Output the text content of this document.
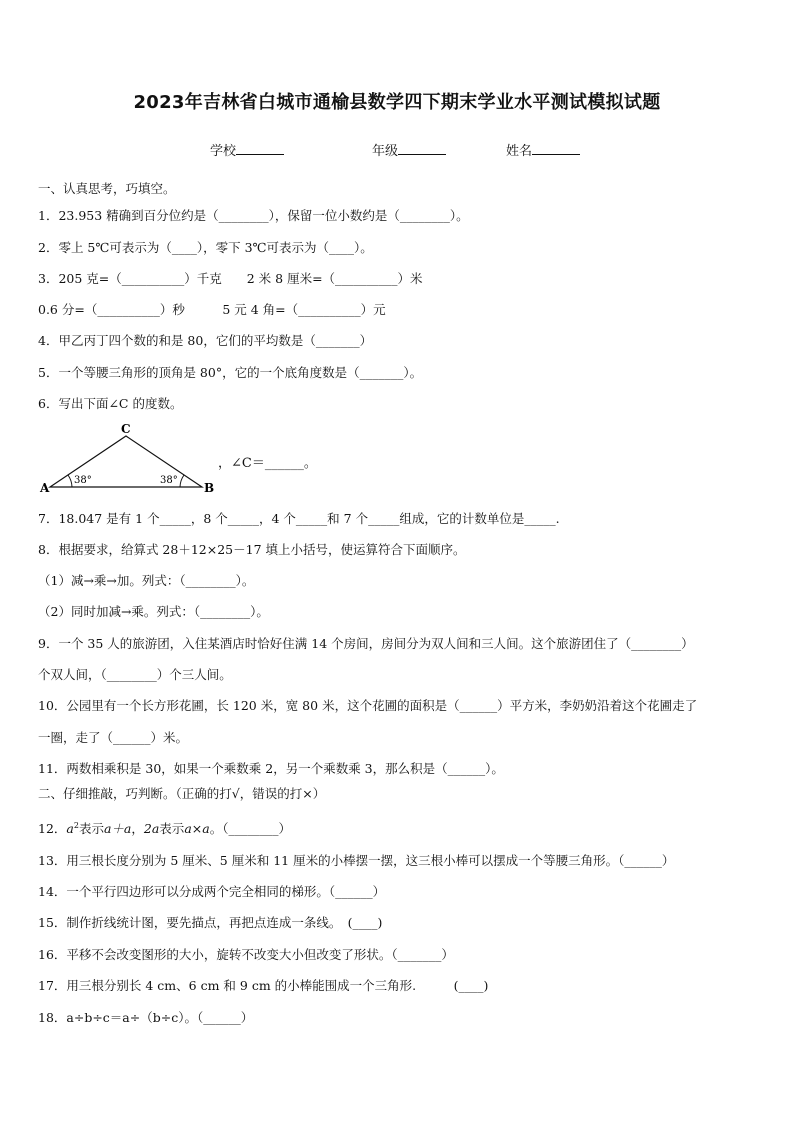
2023年吉林省白城市通榆县数学四下期末学业水平测试模拟试题
学校	年级	姓名
一、认真思考，巧填空。
1．23.953 精确到百分位约是（________），保留一位小数约是（________）。
2．零上 5℃可表示为（____），零下 3℃可表示为（____）。
3．205 克=（__________）千克　　2 米 8 厘米=（__________）米
0.6 分=（__________）秒　　　5 元 4 角=（__________）元
4．甲乙丙丁四个数的和是 80，它们的平均数是（_______）
5．一个等腰三角形的顶角是 80°，它的一个底角度数是（_______）。
6．写出下面∠C 的度数。
A	B
C
38°	38°
，∠C＝______。
7．18.047 是有 1 个_____，8 个_____，4 个_____和 7 个_____组成，它的计数单位是_____.
8．根据要求，给算式 28＋12×25－17 填上小括号，使运算符合下面顺序。
（1）减→乘→加。列式：（________）。
（2）同时加减→乘。列式：（________）。
9．一个 35 人的旅游团，入住某酒店时恰好住满 14 个房间，房间分为双人间和三人间。这个旅游团住了（________）
个双人间，（________）个三人间。
10．公园里有一个长方形花圃，长 120 米，宽 80 米，这个花圃的面积是（______）平方米，李奶奶沿着这个花圃走了
一圈，走了（______）米。
11．两数相乘积是 30，如果一个乘数乘 2，另一个乘数乘 3，那么积是（______）。
二、仔细推敲，巧判断。（正确的打√，错误的打×）
12．$a^2$表示a＋a，2a表示a×a。（________）
13．用三根长度分别为 5 厘米、5 厘米和 11 厘米的小棒摆一摆，这三根小棒可以摆成一个等腰三角形。（______）
14．一个平行四边形可以分成两个完全相同的梯形。（______）
15．制作折线统计图，要先描点，再把点连成一条线。　(____)
16．平移不会改变图形的大小，旋转不改变大小但改变了形状。（_______）
17．用三根分别长 4 cm、6 cm 和 9 cm 的小棒能围成一个三角形.　　　(____)
18．a÷b÷c＝a÷（b÷c）。（______）
